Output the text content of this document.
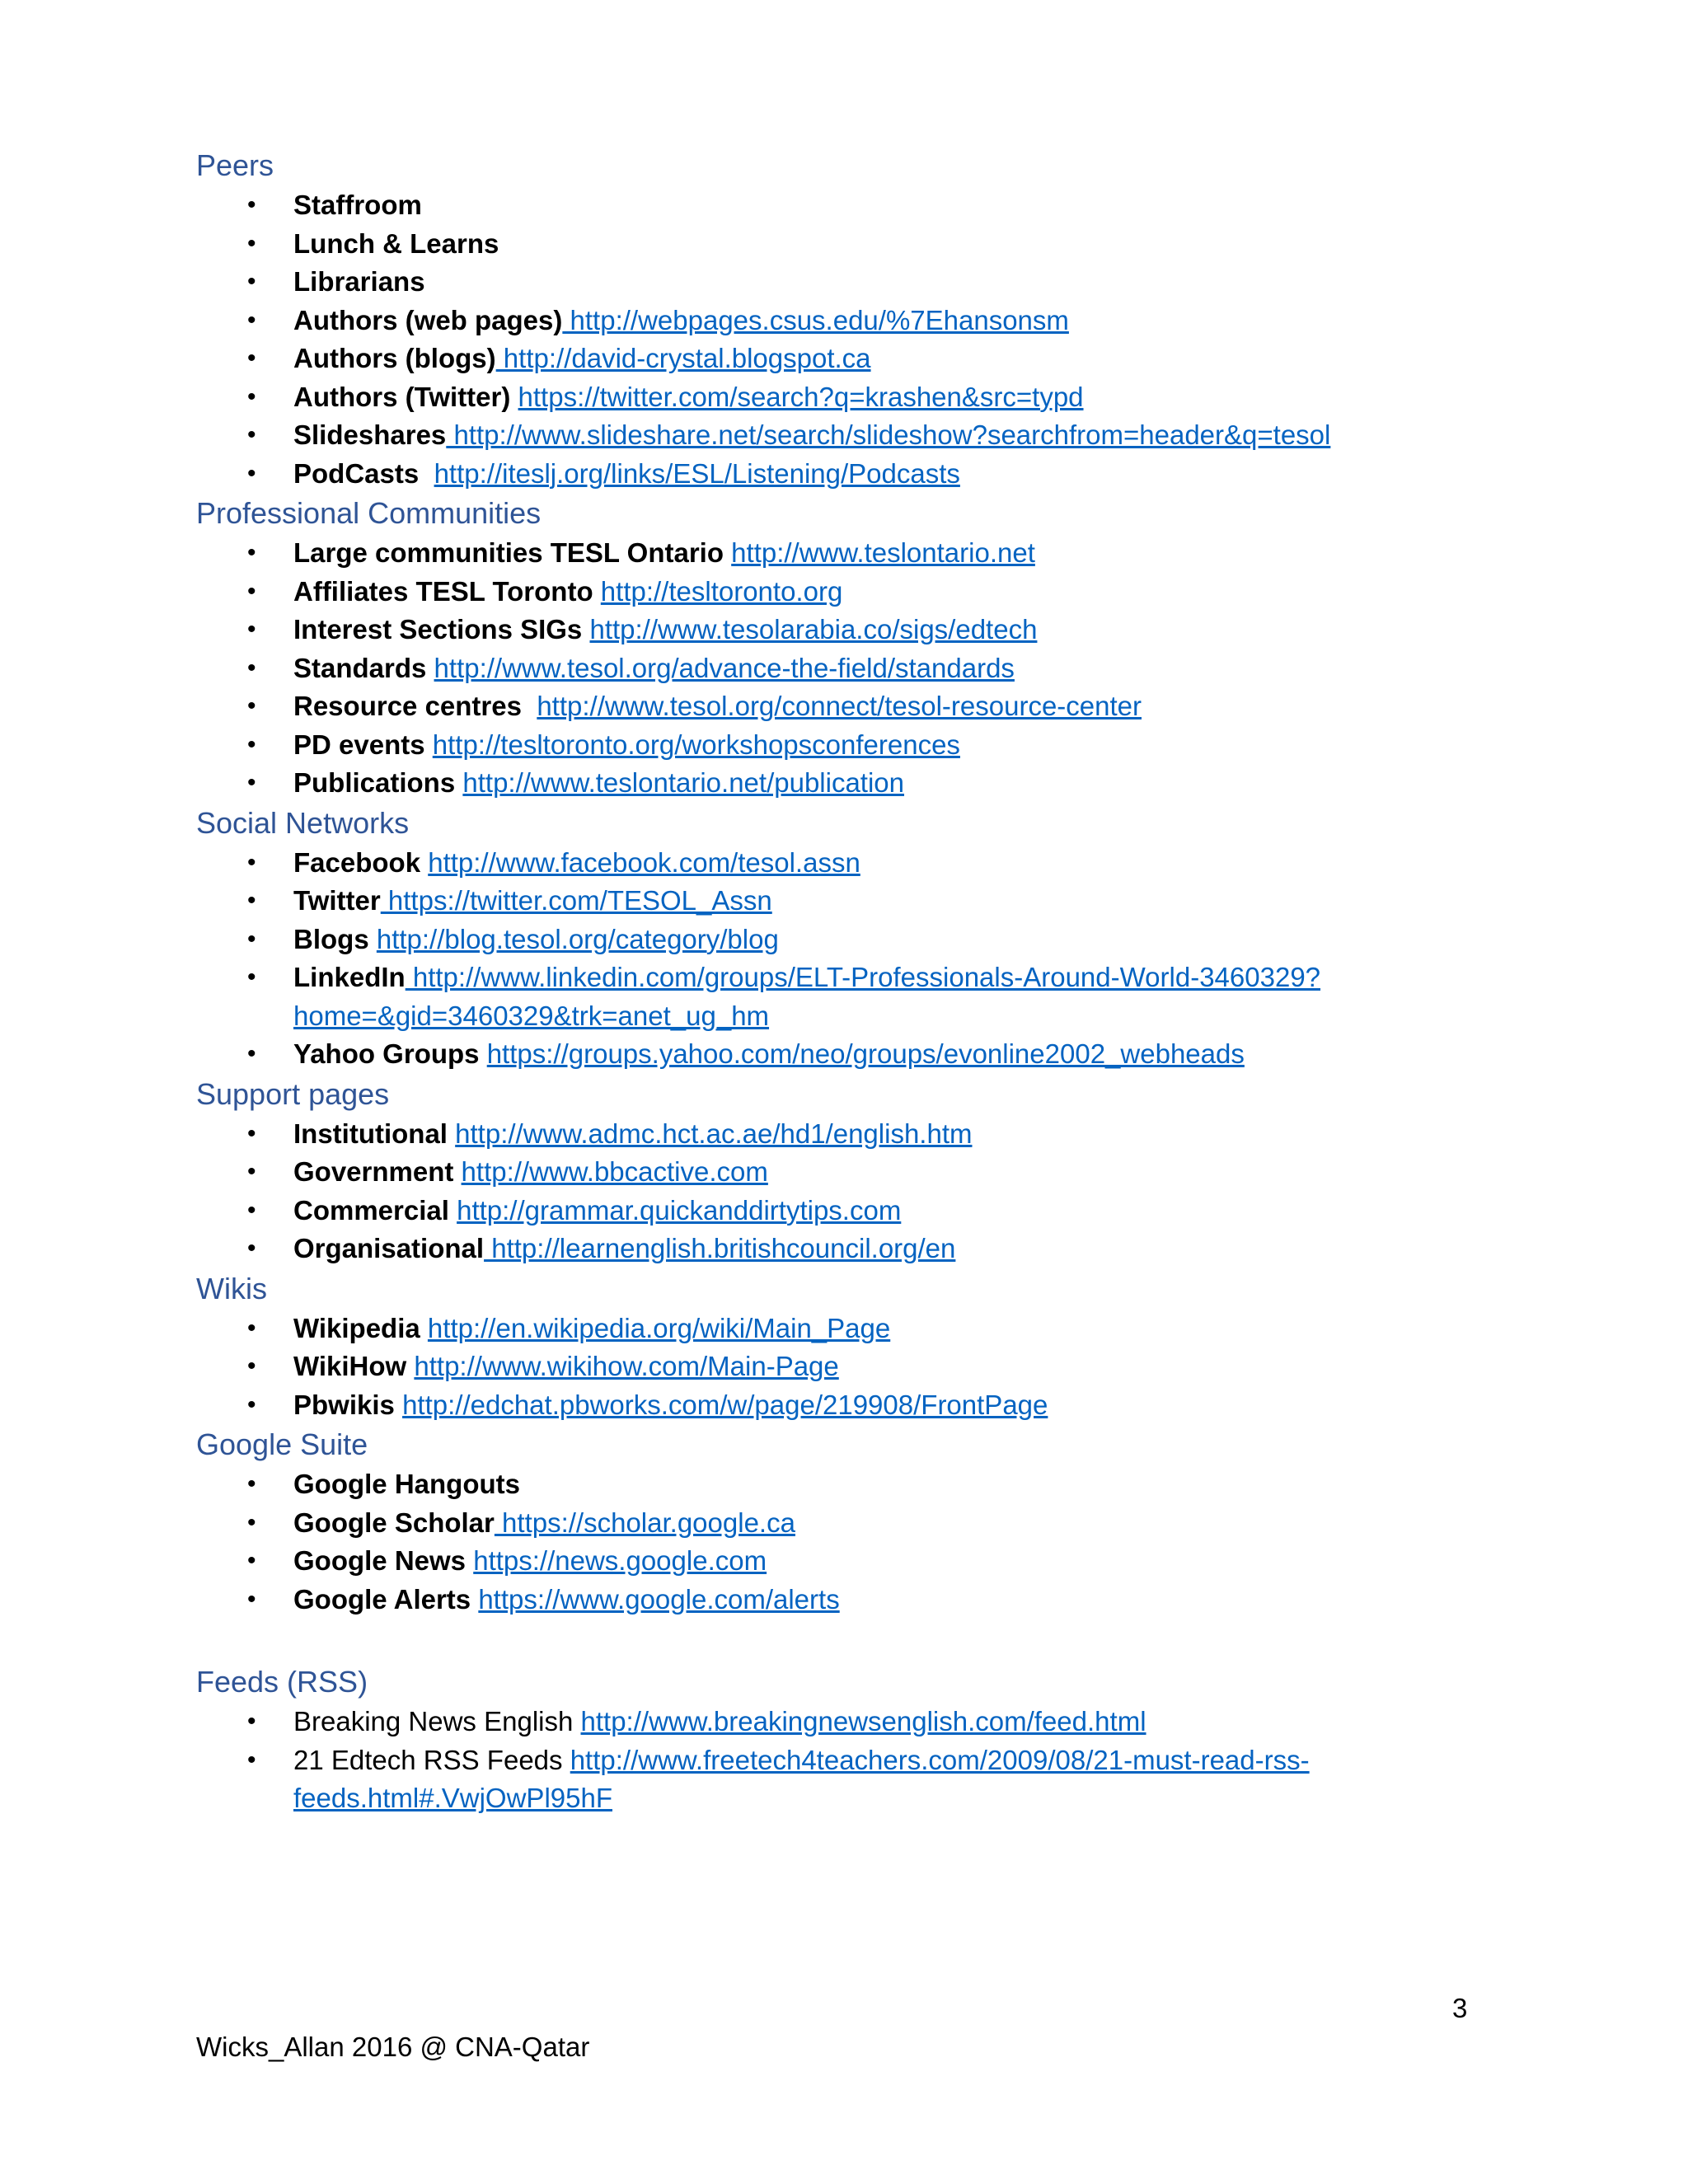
Peers
•	Staffroom
•	Lunch & Learns
•	Librarians
•	Authors (web pages) http://webpages.csus.edu/%7Ehansonsm
•	Authors (blogs) http://david-crystal.blogspot.ca
•	Authors (Twitter) https://twitter.com/search?q=krashen&src=typd
•	Slideshares http://www.slideshare.net/search/slideshow?searchfrom=header&q=tesol
•	PodCasts http://iteslj.org/links/ESL/Listening/Podcasts
Professional Communities
•	Large communities TESL Ontario http://www.teslontario.net
•	Affiliates TESL Toronto http://tesltoronto.org
•	Interest Sections SIGs http://www.tesolarabia.co/sigs/edtech
•	Standards http://www.tesol.org/advance-the-field/standards
•	Resource centres http://www.tesol.org/connect/tesol-resource-center
•	PD events http://tesltoronto.org/workshopsconferences
•	Publications http://www.teslontario.net/publication
Social Networks
•	Facebook http://www.facebook.com/tesol.assn
•	Twitter https://twitter.com/TESOL_Assn
•	Blogs http://blog.tesol.org/category/blog
•	LinkedIn http://www.linkedin.com/groups/ELT-Professionals-Around-World-3460329?home=&gid=3460329&trk=anet_ug_hm
•	Yahoo Groups https://groups.yahoo.com/neo/groups/evonline2002_webheads
Support pages
•	Institutional http://www.admc.hct.ac.ae/hd1/english.htm
•	Government http://www.bbcactive.com
•	Commercial http://grammar.quickanddirtytips.com
•	Organisational http://learnenglish.britishcouncil.org/en
Wikis
•	Wikipedia http://en.wikipedia.org/wiki/Main_Page
•	WikiHow http://www.wikihow.com/Main-Page
•	Pbwikis http://edchat.pbworks.com/w/page/219908/FrontPage
Google Suite
•	Google Hangouts
•	Google Scholar https://scholar.google.ca
•	Google News https://news.google.com
•	Google Alerts https://www.google.com/alerts
Feeds (RSS)
•	Breaking News English http://www.breakingnewsenglish.com/feed.html
•	21 Edtech RSS Feeds http://www.freetech4teachers.com/2009/08/21-must-read-rss-feeds.html#.VwjOwPl95hF
3
Wicks_Allan 2016 @ CNA-Qatar
